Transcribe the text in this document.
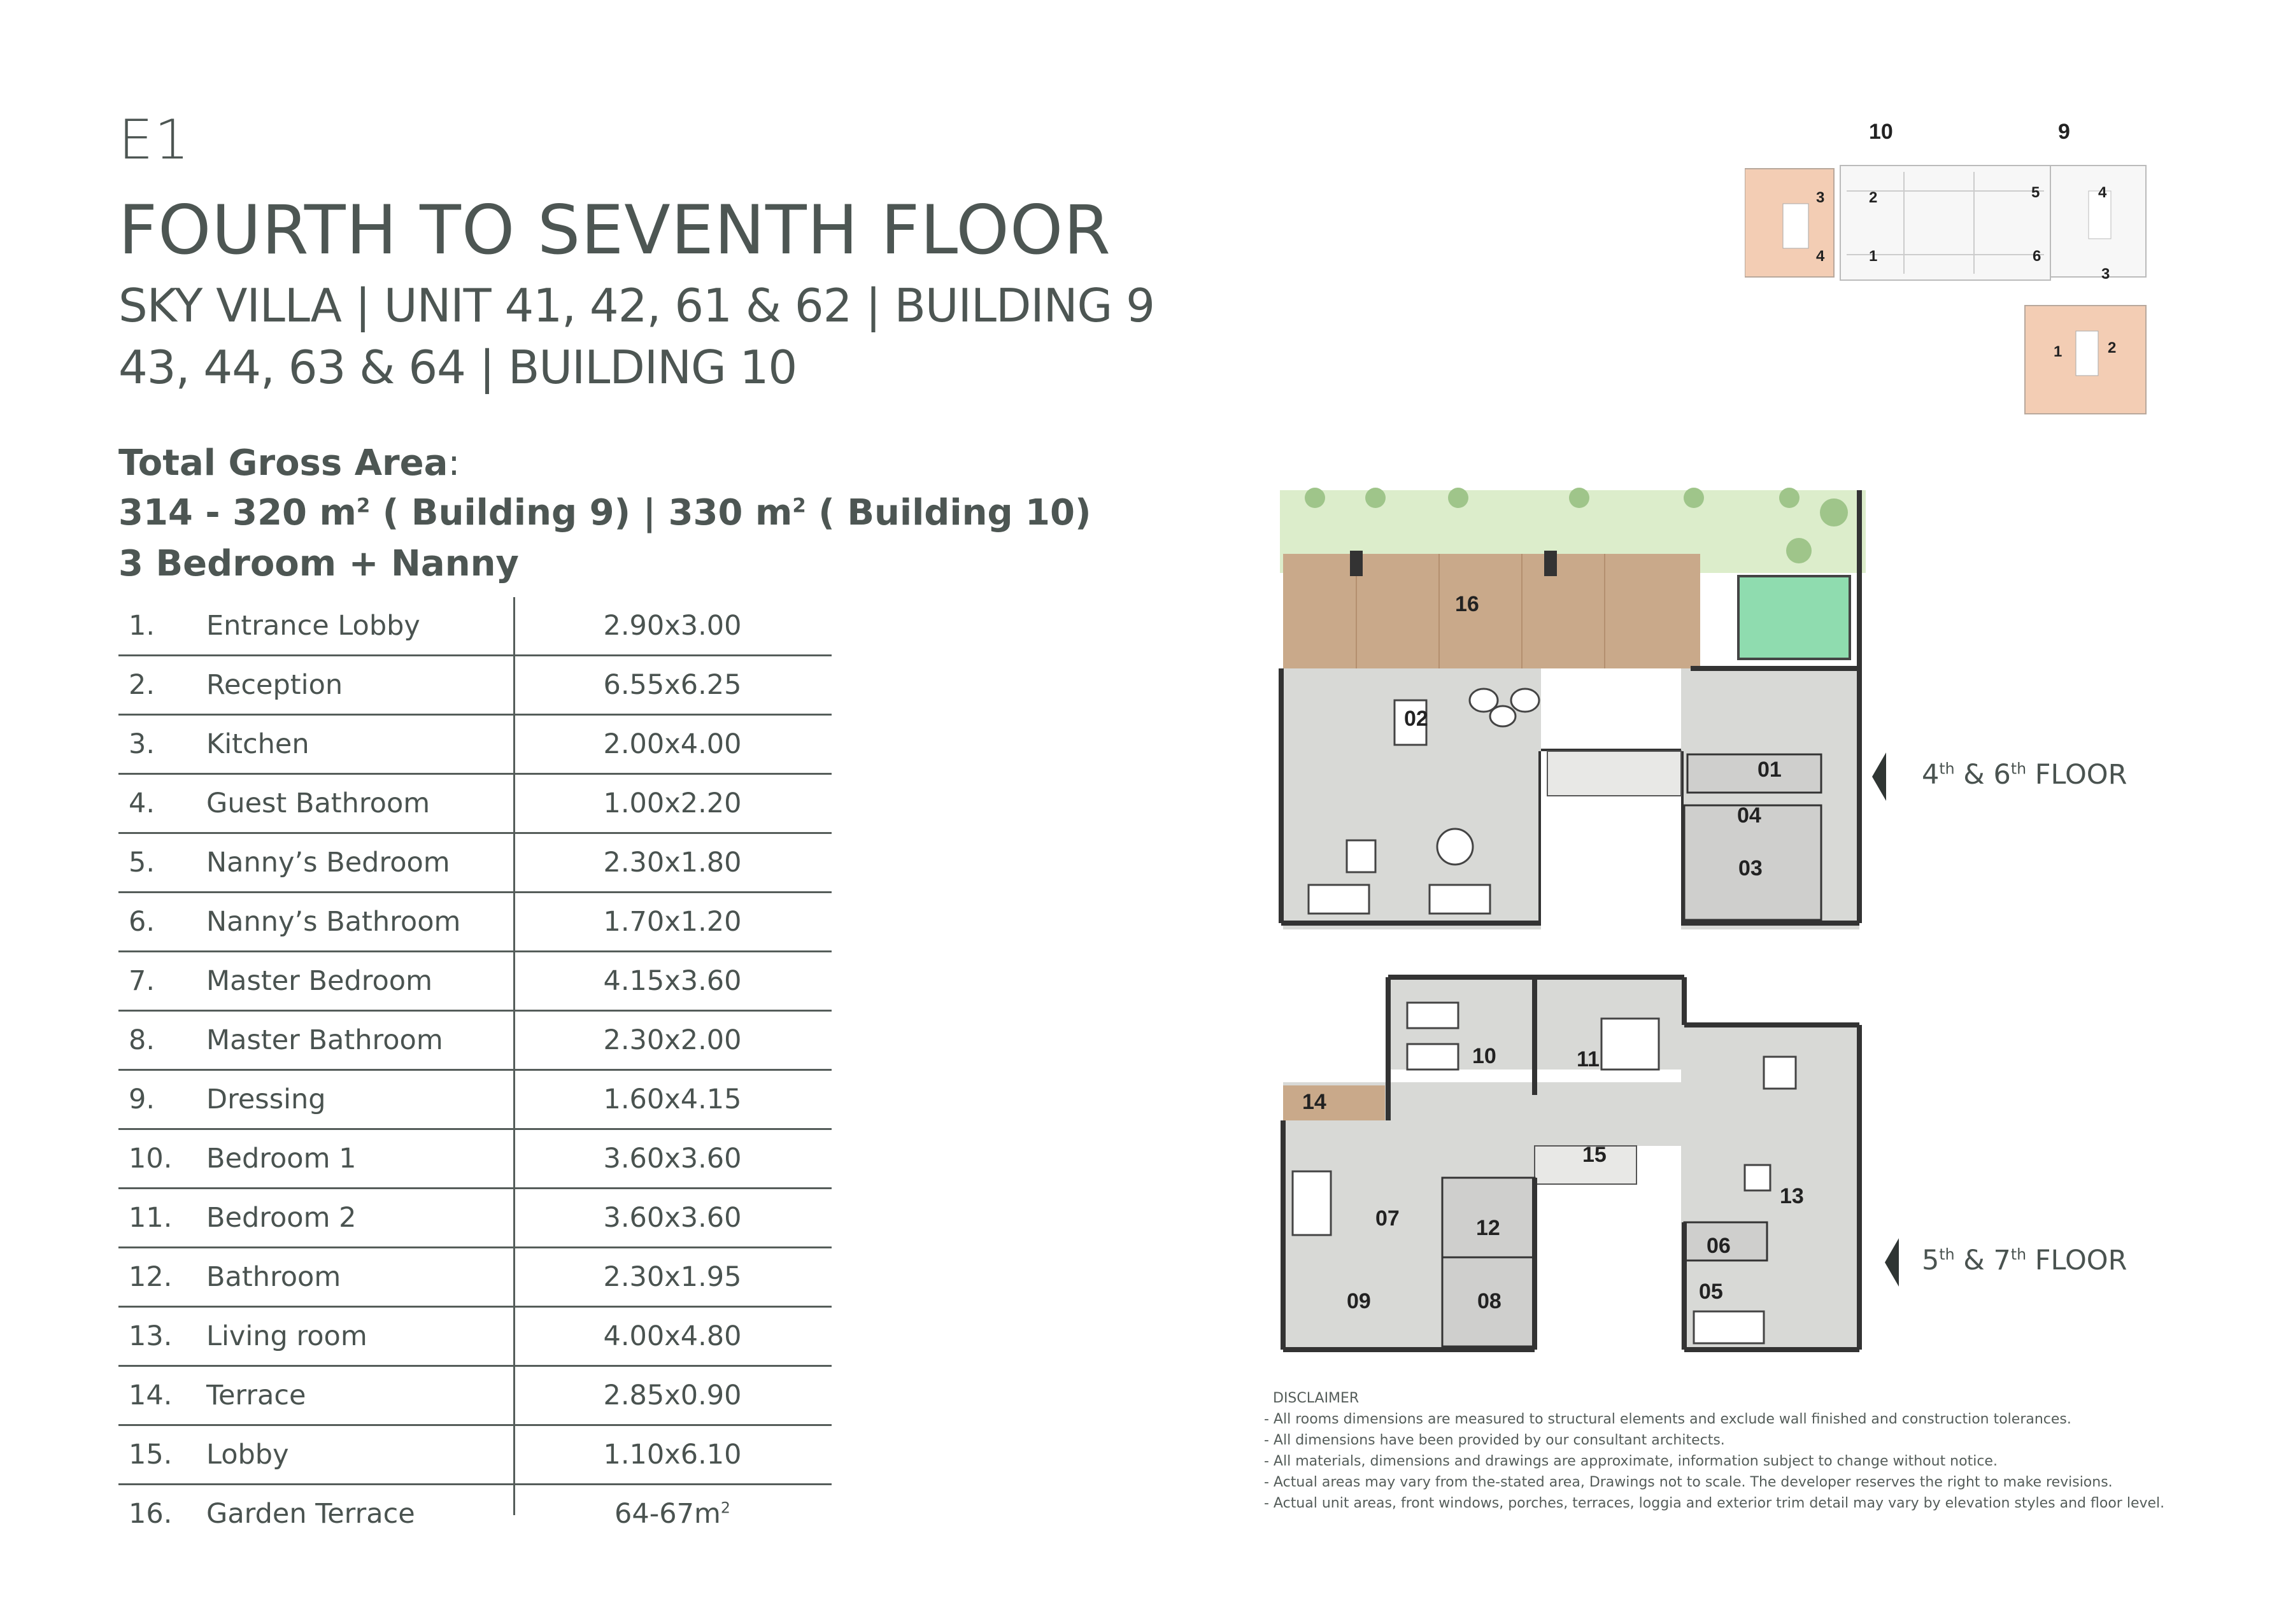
E1
FOURTH TO SEVENTH FLOOR
SKY VILLA | UNIT 41, 42, 61 & 62 | BUILDING 9
43, 44, 63 & 64 | BUILDING 10
Total Gross Area:
314 - 320 $m^2$ ( Building 9) | 330 $m^2$ ( Building 10)
3 Bedroom + Nanny
1. Entrance Lobby	2.90x3.00
2. Reception	6.55x6.25
3. Kitchen	2.00x4.00
4. Guest Bathroom	1.00x2.20
5. Nanny’s Bedroom	2.30x1.80
6. Nanny’s Bathroom	1.70x1.20
7. Master Bedroom	4.15x3.60
8. Master Bathroom	2.30x2.00
9. Dressing	1.60x4.15
10. Bedroom 1	3.60x3.60
11. Bedroom 2	3.60x3.60
12. Bathroom	2.30x1.95
13. Living room	4.00x4.80
14. Terrace	2.85x0.90
15. Lobby	1.10x6.10
16. Garden Terrace	$64-67m^2$
10	9
3	2
4	1
5	4
6
3
1	2
16
02
01
04
03
10	11
14
15
07	12
13
06
09	08	05
4th & 6th FLOOR
5th & 7th FLOOR
DISCLAIMER
- All rooms dimensions are measured to structural elements and exclude wall finished and construction tolerances.
- All dimensions have been provided by our consultant architects.
- All materials, dimensions and drawings are approximate, information subject to change without notice.
- Actual areas may vary from the-stated area, Drawings not to scale. The developer reserves the right to make revisions.
- Actual unit areas, front windows, porches, terraces, loggia and exterior trim detail may vary by elevation styles and floor level.
